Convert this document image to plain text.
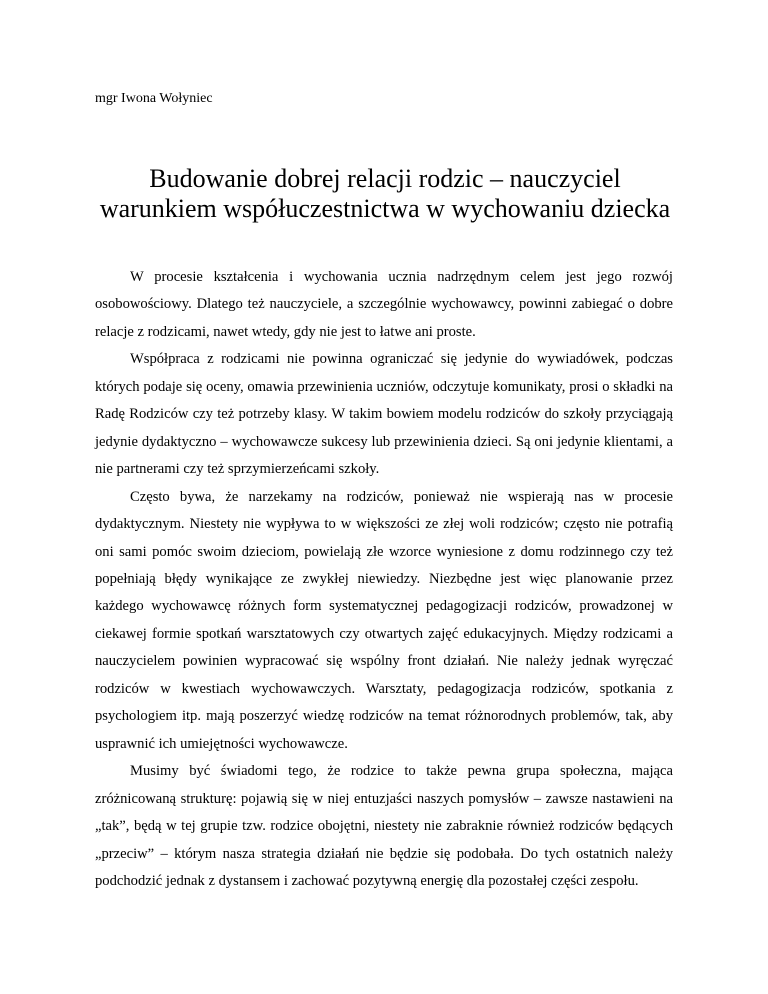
mgr Iwona Wołyniec

Budowanie dobrej relacji rodzic – nauczyciel
warunkiem współuczestnictwa w wychowaniu dziecka

W procesie kształcenia i wychowania ucznia nadrzędnym celem jest jego rozwój osobowościowy. Dlatego też nauczyciele, a szczególnie wychowawcy, powinni zabiegać o dobre relacje z rodzicami, nawet wtedy, gdy nie jest to łatwe ani proste.

Współpraca z rodzicami nie powinna ograniczać się jedynie do wywiadówek, podczas których podaje się oceny, omawia przewinienia uczniów, odczytuje komunikaty, prosi o składki na Radę Rodziców czy też potrzeby klasy. W takim bowiem modelu rodziców do szkoły przyciągają jedynie dydaktyczno – wychowawcze sukcesy lub przewinienia dzieci. Są oni jedynie klientami, a nie partnerami czy też sprzymierzeńcami szkoły.

Często bywa, że narzekamy na rodziców, ponieważ nie wspierają nas w procesie dydaktycznym. Niestety nie wypływa to w większości ze złej woli rodziców; często nie potrafią oni sami pomóc swoim dzieciom, powielają złe wzorce wyniesione z domu rodzinnego czy też popełniają błędy wynikające ze zwykłej niewiedzy. Niezbędne jest więc planowanie przez każdego wychowawcę różnych form systematycznej pedagogizacji rodziców, prowadzonej w ciekawej formie spotkań warsztatowych czy otwartych zajęć edukacyjnych. Między rodzicami a nauczycielem powinien wypracować się wspólny front działań. Nie należy jednak wyręczać rodziców w kwestiach wychowawczych. Warsztaty, pedagogizacja rodziców, spotkania z psychologiem itp. mają poszerzyć wiedzę rodziców na temat różnorodnych problemów, tak, aby usprawnić ich umiejętności wychowawcze.

Musimy być świadomi tego, że rodzice to także pewna grupa społeczna, mająca zróżnicowaną strukturę: pojawią się w niej entuzjaści naszych pomysłów – zawsze nastawieni na „tak”, będą w tej grupie tzw. rodzice obojętni, niestety nie zabraknie również rodziców będących „przeciw” – którym nasza strategia działań nie będzie się podobała. Do tych ostatnich należy podchodzić jednak z dystansem i zachować pozytywną energię dla pozostałej części zespołu.
